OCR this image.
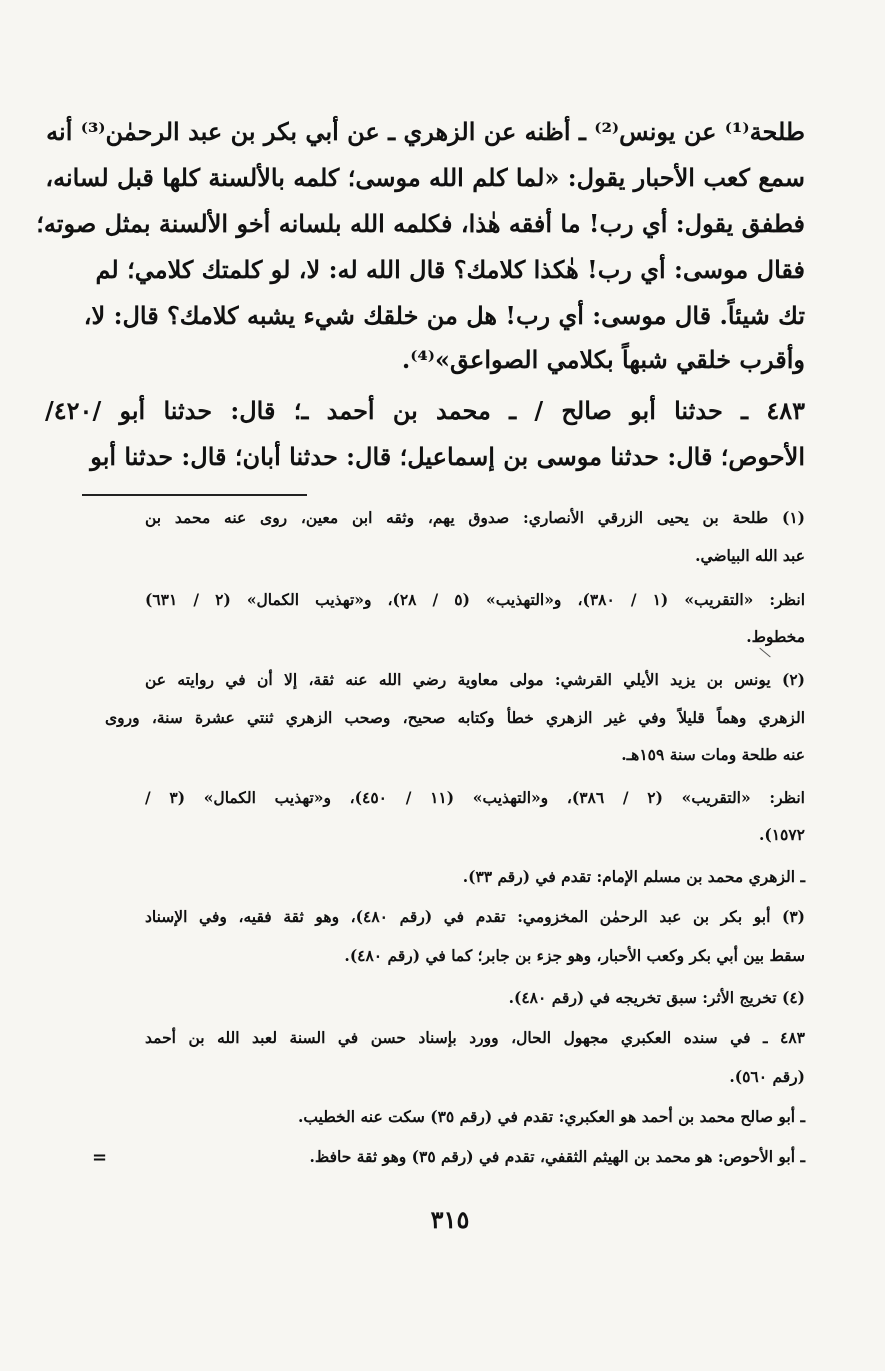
طلحة⁽¹⁾ عن يونس⁽²⁾ ـ أظنه عن الزهري ـ عن أبي بكر بن عبد الرحمٰن⁽³⁾ أنه
سمع كعب الأحبار يقول: «لما كلم الله موسى؛ كلمه بالألسنة كلها قبل لسانه،
فطفق يقول: أي رب! ما أفقه هٰذا، فكلمه الله بلسانه أخو الألسنة بمثل صوته؛
فقال موسى: أي رب! هٰكذا كلامك؟ قال الله له: لا، لو كلمتك كلامي؛ لم
تك شيئاً. قال موسى: أي رب! هل من خلقك شيء يشبه كلامك؟ قال: لا،
وأقرب خلقي شبهاً بكلامي الصواعق»⁽⁴⁾.
٤٨٣ ـ حدثنا أبو صالح / ـ محمد بن أحمد ـ؛ قال: حدثنا أبو /٤٢٠/
الأحوص؛ قال: حدثنا موسى بن إسماعيل؛ قال: حدثنا أبان؛ قال: حدثنا أبو
(١) طلحة بن يحيى الزرقي الأنصاري: صدوق يهم، وثقه ابن معين، روى عنه محمد بن
عبد الله البياضي.
انظر: «التقريب» (١ / ٣٨٠)، و«التهذيب» (٥ / ٢٨)، و«تهذيب الكمال» (٢ / ٦٣١)
مخطوط.
(٢) يونس بن يزيد الأيلي القرشي: مولى معاوية رضي الله عنه ثقة، إلا أن في روايته عن
الزهري وهماً قليلاً وفي غير الزهري خطأ وكتابه صحيح، وصحب الزهري ثنتي عشرة سنة، وروى
عنه طلحة ومات سنة ١٥٩هـ.
انظر: «التقريب» (٢ / ٣٨٦)، و«التهذيب» (١١ / ٤٥٠)، و«تهذيب الكمال» (٣ /
١٥٧٢).
ـ الزهري محمد بن مسلم الإمام: تقدم في (رقم ٣٣).
(٣) أبو بكر بن عبد الرحمٰن المخزومي: تقدم في (رقم ٤٨٠)، وهو ثقة فقيه، وفي الإسناد
سقط بين أبي بكر وكعب الأحبار، وهو جزء بن جابر؛ كما في (رقم ٤٨٠).
(٤) تخريج الأثر: سبق تخريجه في (رقم ٤٨٠).
٤٨٣ ـ في سنده العكبري مجهول الحال، وورد بإسناد حسن في السنة لعبد الله بن أحمد
(رقم ٥٦٠).
ـ أبو صالح محمد بن أحمد هو العكبري: تقدم في (رقم ٣٥) سكت عنه الخطيب.
ـ أبو الأحوص: هو محمد بن الهيثم الثقفي، تقدم في (رقم ٣٥) وهو ثقة حافظ.
=
٣١٥
